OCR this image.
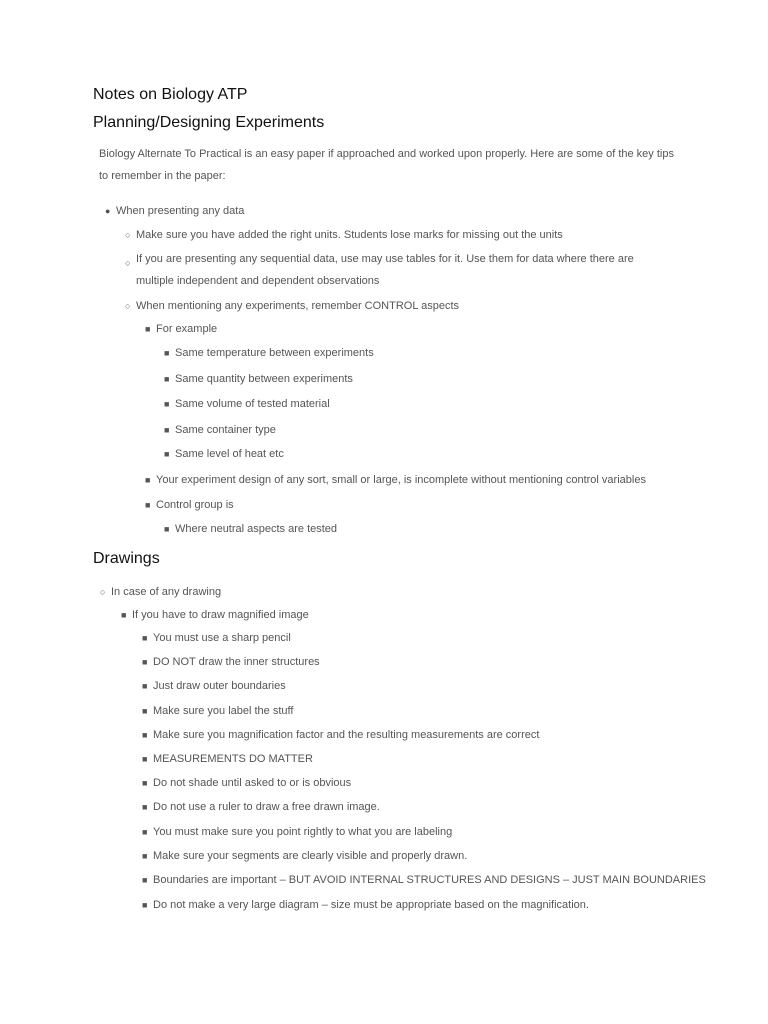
Notes on Biology ATP
Planning/Designing Experiments

Biology Alternate To Practical is an easy paper if approached and worked upon properly. Here are some of the key tips to remember in the paper:

● When presenting any data
○ Make sure you have added the right units. Students lose marks for missing out the units
○ If you are presenting any sequential data, use may use tables for it. Use them for data where there are multiple independent and dependent observations
○ When mentioning any experiments, remember CONTROL aspects
■ For example
■ Same temperature between experiments
■ Same quantity between experiments
■ Same volume of tested material
■ Same container type
■ Same level of heat etc
■ Your experiment design of any sort, small or large, is incomplete without mentioning control variables
■ Control group is
■ Where neutral aspects are tested
Drawings
○ In case of any drawing
■ If you have to draw magnified image
■ You must use a sharp pencil
■ DO NOT draw the inner structures
■ Just draw outer boundaries
■ Make sure you label the stuff
■ Make sure you magnification factor and the resulting measurements are correct
■ MEASUREMENTS DO MATTER
■ Do not shade until asked to or is obvious
■ Do not use a ruler to draw a free drawn image.
■ You must make sure you point rightly to what you are labeling
■ Make sure your segments are clearly visible and properly drawn.
■ Boundaries are important – BUT AVOID INTERNAL STRUCTURES AND DESIGNS – JUST MAIN BOUNDARIES
■ Do not make a very large diagram – size must be appropriate based on the magnification.
